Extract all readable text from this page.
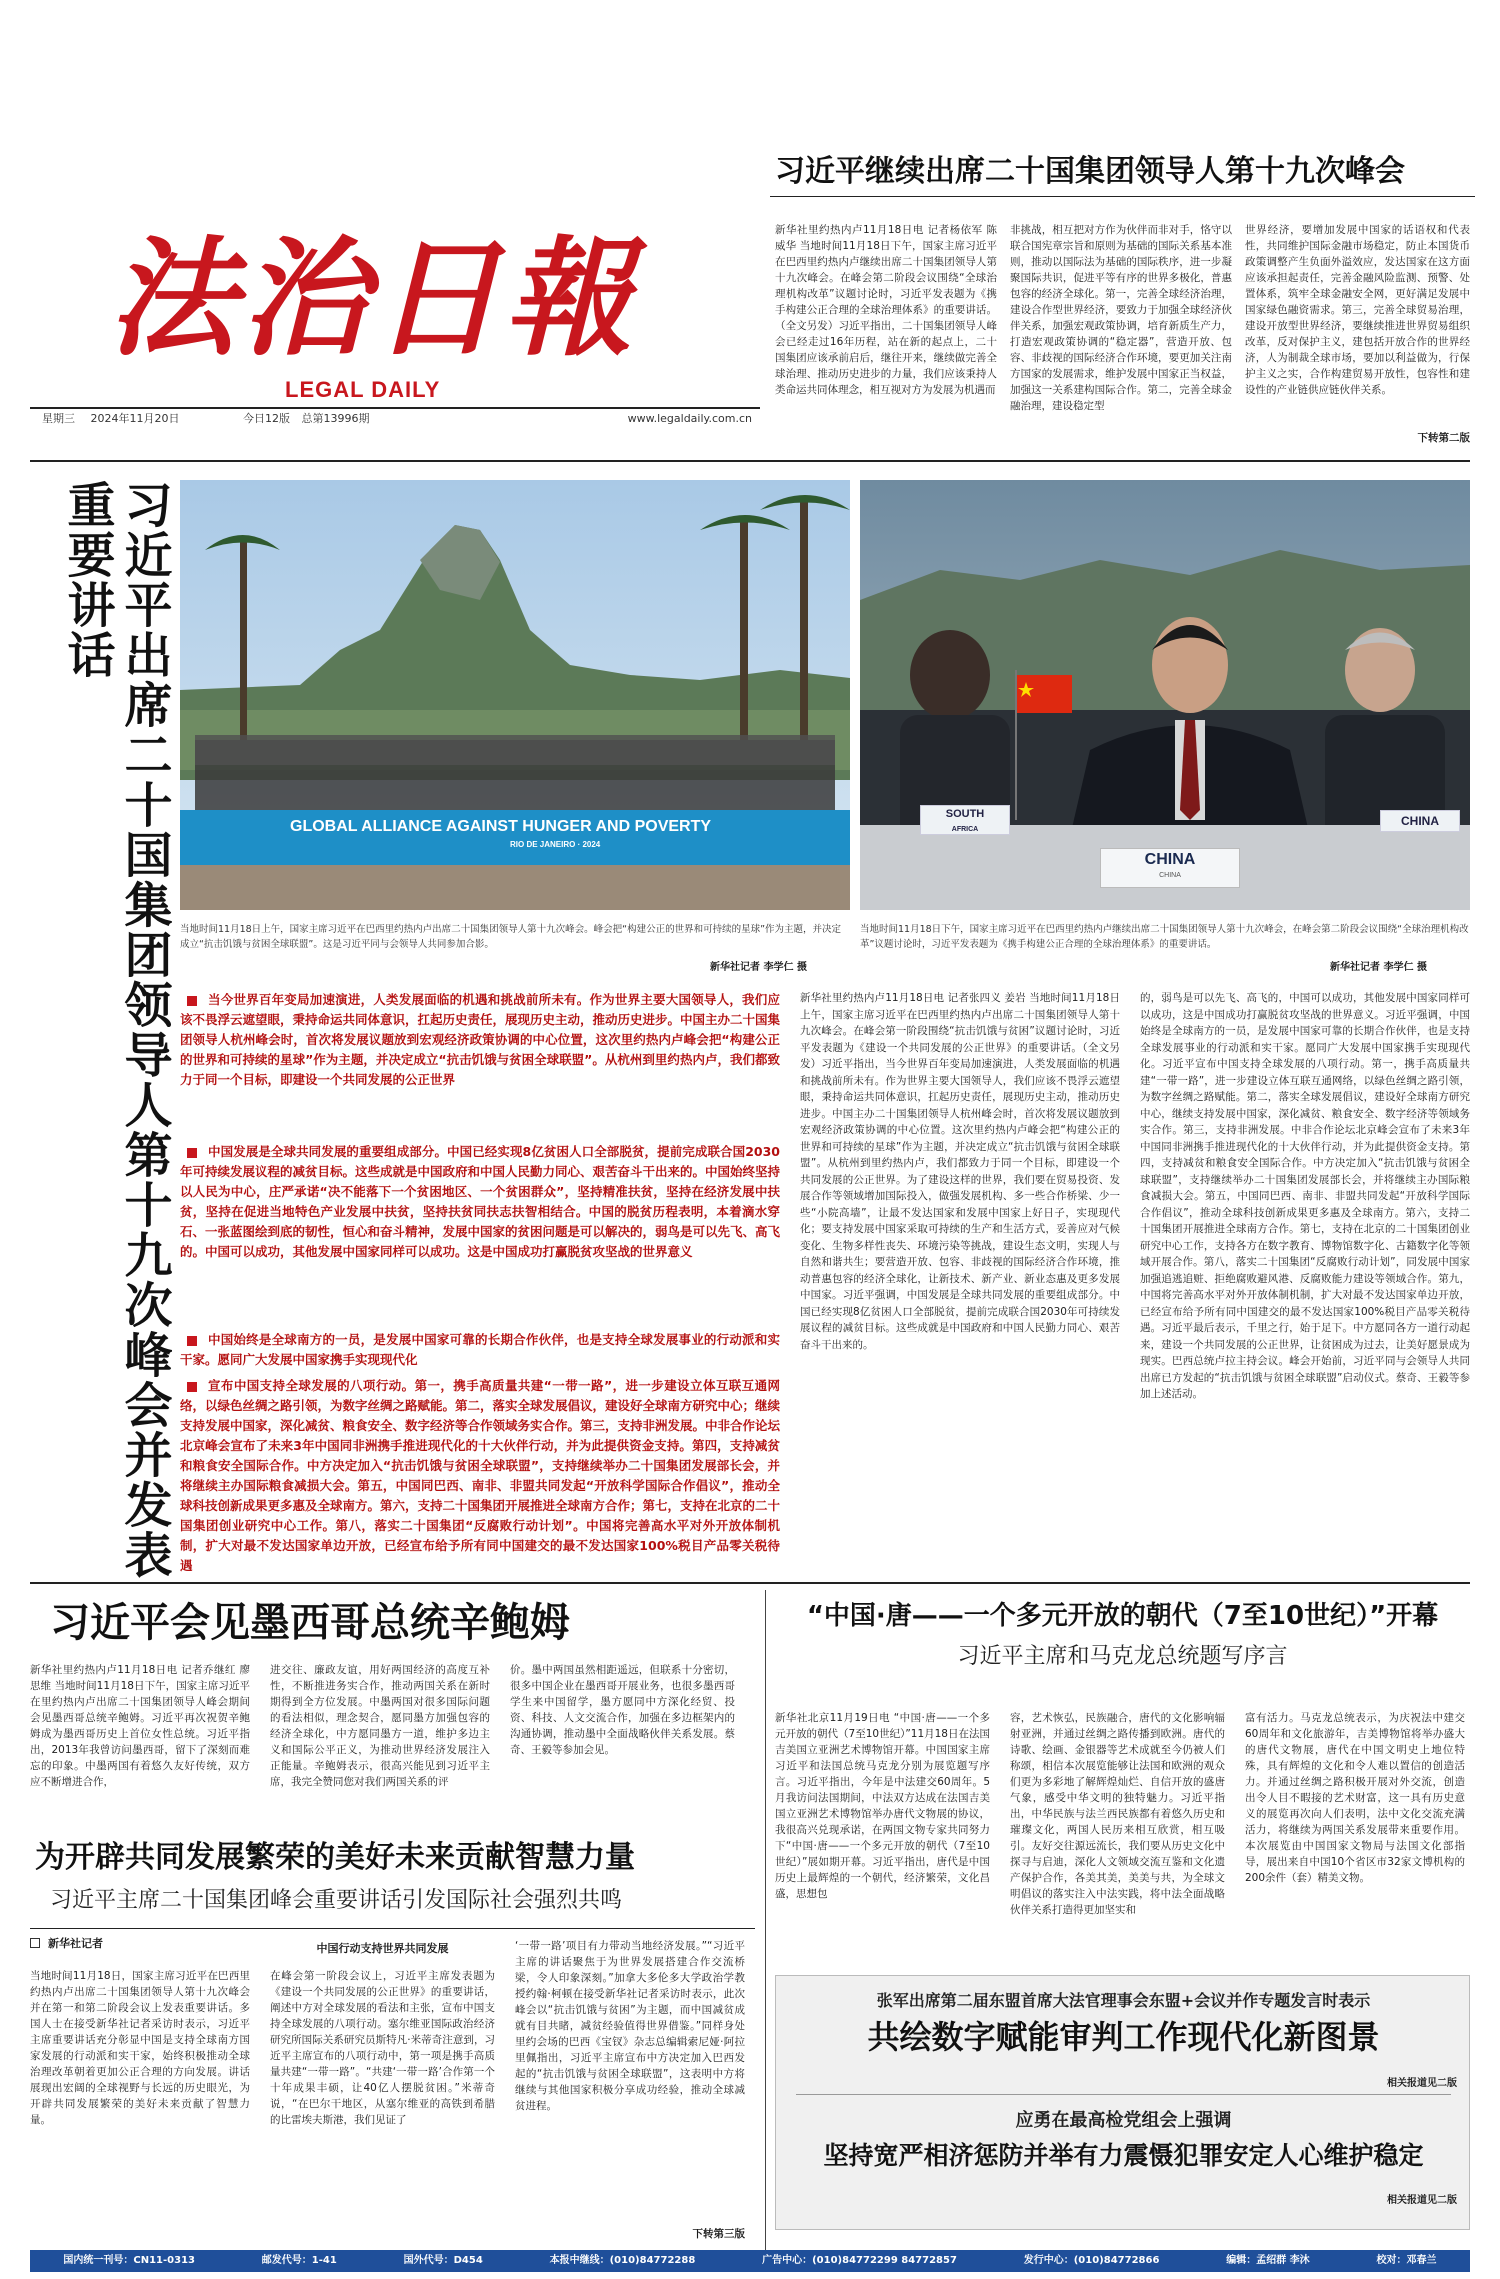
法治日報
LEGAL DAILY
星期三 2024年11月20日	今日12版 总第13996期	www.legaldaily.com.cn
习近平继续出席二十国集团领导人第十九次峰会
新华社里约热内卢11月18日电 记者杨依军 陈威华 当地时间11月18日下午，国家主席习近平在巴西里约热内卢继续出席二十国集团领导人第十九次峰会。在峰会第二阶段会议围绕“全球治理机构改革”议题讨论时，习近平发表题为《携手构建公正合理的全球治理体系》的重要讲话。（全文另发）习近平指出，二十国集团领导人峰会已经走过16年历程，站在新的起点上，二十国集团应该承前启后，继往开来，继续做完善全球治理、推动历史进步的力量，我们应该秉持人类命运共同体理念，相互视对方为发展为机遇而
非挑战，相互把对方作为伙伴而非对手，恪守以联合国宪章宗旨和原则为基础的国际关系基本准则，推动以国际法为基础的国际秩序，进一步凝聚国际共识，促进平等有序的世界多极化，普惠包容的经济全球化。第一，完善全球经济治理，建设合作型世界经济，要致力于加强全球经济伙伴关系，加强宏观政策协调，培育新质生产力，打造宏观政策协调的“稳定器”，营造开放、包容、非歧视的国际经济合作环境，要更加关注南方国家的发展需求，维护发展中国家正当权益，加强这一关系建构国际合作。第二，完善全球金融治理，建设稳定型
世界经济，要增加发展中国家的话语权和代表性，共同维护国际金融市场稳定，防止本国货币政策调整产生负面外溢效应，发达国家在这方面应该承担起责任，完善金融风险监测、预警、处置体系，筑牢全球金融安全网，更好满足发展中国家绿色融资需求。第三，完善全球贸易治理，建设开放型世界经济，要继续推进世界贸易组织改革，反对保护主义，建包括开放合作的世界经济，人为制裁全球市场，要加以利益做为，行保护主义之实，合作构建贸易开放性，包容性和建设性的产业链供应链伙伴关系。
下转第二版
习近平出席二十国集团领导人第十九次峰会并发表重要讲话
GLOBAL ALLIANCE AGAINST HUNGER AND POVERTY
RIO DE JANEIRO · 2024
当地时间11月18日上午，国家主席习近平在巴西里约热内卢出席二十国集团领导人第十九次峰会。峰会把“构建公正的世界和可持续的星球”作为主题，并决定成立“抗击饥饿与贫困全球联盟”。这是习近平同与会领导人共同参加合影。
新华社记者 李学仁 摄
SOUTH
AFRICA
CHINA
CHINA
CHINA
当地时间11月18日下午，国家主席习近平在巴西里约热内卢继续出席二十国集团领导人第十九次峰会，在峰会第二阶段会议围绕“全球治理机构改革”议题讨论时，习近平发表题为《携手构建公正合理的全球治理体系》的重要讲话。
新华社记者 李学仁 摄
当今世界百年变局加速演进，人类发展面临的机遇和挑战前所未有。作为世界主要大国领导人，我们应该不畏浮云遮望眼，秉持命运共同体意识，扛起历史责任，展现历史主动，推动历史进步。中国主办二十国集团领导人杭州峰会时，首次将发展议题放到宏观经济政策协调的中心位置，这次里约热内卢峰会把“构建公正的世界和可持续的星球”作为主题，并决定成立“抗击饥饿与贫困全球联盟”。从杭州到里约热内卢，我们都致力于同一个目标，即建设一个共同发展的公正世界
中国发展是全球共同发展的重要组成部分。中国已经实现8亿贫困人口全部脱贫，提前完成联合国2030年可持续发展议程的减贫目标。这些成就是中国政府和中国人民勤力同心、艰苦奋斗干出来的。中国始终坚持以人民为中心，庄严承诺“决不能落下一个贫困地区、一个贫困群众”，坚持精准扶贫，坚持在经济发展中扶贫，坚持在促进当地特色产业发展中扶贫，坚持扶贫同扶志扶智相结合。中国的脱贫历程表明，本着滴水穿石、一张蓝图绘到底的韧性，恒心和奋斗精神，发展中国家的贫困问题是可以解决的，弱鸟是可以先飞、高飞的。中国可以成功，其他发展中国家同样可以成功。这是中国成功打赢脱贫攻坚战的世界意义
中国始终是全球南方的一员，是发展中国家可靠的长期合作伙伴，也是支持全球发展事业的行动派和实干家。愿同广大发展中国家携手实现现代化
宣布中国支持全球发展的八项行动。第一，携手高质量共建“一带一路”，进一步建设立体互联互通网络，以绿色丝绸之路引领，为数字丝绸之路赋能。第二，落实全球发展倡议，建设好全球南方研究中心；继续支持发展中国家，深化减贫、粮食安全、数字经济等合作领域务实合作。第三，支持非洲发展。中非合作论坛北京峰会宣布了未来3年中国同非洲携手推进现代化的十大伙伴行动，并为此提供资金支持。第四，支持减贫和粮食安全国际合作。中方决定加入“抗击饥饿与贫困全球联盟”，支持继续举办二十国集团发展部长会，并将继续主办国际粮食减损大会。第五，中国同巴西、南非、非盟共同发起“开放科学国际合作倡议”，推动全球科技创新成果更多惠及全球南方。第六，支持二十国集团开展推进全球南方合作；第七，支持在北京的二十国集团创业研究中心工作。第八，落实二十国集团“反腐败行动计划”。中国将完善高水平对外开放体制机制，扩大对最不发达国家单边开放，已经宣布给予所有同中国建交的最不发达国家100%税目产品零关税待遇
新华社里约热内卢11月18日电 记者张四义 姜岩 当地时间11月18日上午，国家主席习近平在巴西里约热内卢出席二十国集团领导人第十九次峰会。在峰会第一阶段围绕“抗击饥饿与贫困”议题讨论时，习近平发表题为《建设一个共同发展的公正世界》的重要讲话。（全文另发）习近平指出，当今世界百年变局加速演进，人类发展面临的机遇和挑战前所未有。作为世界主要大国领导人，我们应该不畏浮云遮望眼，秉持命运共同体意识，扛起历史责任，展现历史主动，推动历史进步。中国主办二十国集团领导人杭州峰会时，首次将发展议题放到宏观经济政策协调的中心位置。这次里约热内卢峰会把“构建公正的世界和可持续的星球”作为主题，并决定成立“抗击饥饿与贫困全球联盟”。从杭州到里约热内卢，我们都致力于同一个目标，即建设一个共同发展的公正世界。为了建设这样的世界，我们要在贸易投资、发展合作等领域增加国际投入，做强发展机构、多一些合作桥梁、少一些“小院高墙”，让最不发达国家和发展中国家上好日子，实现现代化；要支持发展中国家采取可持续的生产和生活方式，妥善应对气候变化、生物多样性丧失、环境污染等挑战，建设生态文明，实现人与自然和谐共生；要营造开放、包容、非歧视的国际经济合作环境，推动普惠包容的经济全球化，让新技术、新产业、新业态惠及更多发展中国家。习近平强调，中国发展是全球共同发展的重要组成部分。中国已经实现8亿贫困人口全部脱贫，提前完成联合国2030年可持续发展议程的减贫目标。这些成就是中国政府和中国人民勤力同心、艰苦奋斗干出来的。
的，弱鸟是可以先飞、高飞的，中国可以成功，其他发展中国家同样可以成功，这是中国成功打赢脱贫攻坚战的世界意义。习近平强调，中国始终是全球南方的一员，是发展中国家可靠的长期合作伙伴，也是支持全球发展事业的行动派和实干家。愿同广大发展中国家携手实现现代化。习近平宣布中国支持全球发展的八项行动。第一，携手高质量共建“一带一路”，进一步建设立体互联互通网络，以绿色丝绸之路引领，为数字丝绸之路赋能。第二，落实全球发展倡议，建设好全球南方研究中心，继续支持发展中国家，深化减贫、粮食安全、数字经济等领域务实合作。第三，支持非洲发展。中非合作论坛北京峰会宣布了未来3年中国同非洲携手推进现代化的十大伙伴行动，并为此提供资金支持。第四，支持减贫和粮食安全国际合作。中方决定加入“抗击饥饿与贫困全球联盟”，支持继续举办二十国集团发展部长会，并将继续主办国际粮食减损大会。第五，中国同巴西、南非、非盟共同发起“开放科学国际合作倡议”，推动全球科技创新成果更多惠及全球南方。第六，支持二十国集团开展推进全球南方合作。第七，支持在北京的二十国集团创业研究中心工作，支持各方在数字教育、博物馆数字化、古籍数字化等领域开展合作。第八，落实二十国集团“反腐败行动计划”，同发展中国家加强追逃追赃、拒绝腐败避风港、反腐败能力建设等领域合作。第九，中国将完善高水平对外开放体制机制，扩大对最不发达国家单边开放，已经宣布给予所有同中国建交的最不发达国家100%税目产品零关税待遇。习近平最后表示，千里之行，始于足下。中方愿同各方一道行动起来，建设一个共同发展的公正世界，让贫困成为过去，让美好愿景成为现实。巴西总统卢拉主持会议。峰会开始前，习近平同与会领导人共同出席已方发起的“抗击饥饿与贫困全球联盟”启动仪式。蔡奇、王毅等参加上述活动。
习近平会见墨西哥总统辛鲍姆
新华社里约热内卢11月18日电 记者乔继红 廖思维 当地时间11月18日下午，国家主席习近平在里约热内卢出席二十国集团领导人峰会期间会见墨西哥总统辛鲍姆。习近平再次祝贺辛鲍姆成为墨西哥历史上首位女性总统。习近平指出，2013年我曾访问墨西哥，留下了深刻而难忘的印象。中墨两国有着悠久友好传统，双方应不断增进合作，
进交往、廉政友谊，用好两国经济的高度互补性，不断推进务实合作，推动两国关系在新时期得到全方位发展。中墨两国对很多国际问题的看法相似，理念契合，愿同墨方加强包容的经济全球化，中方愿同墨方一道，维护多边主义和国际公平正义，为推动世界经济发展注入正能量。辛鲍姆表示，很高兴能见到习近平主席，我完全赞同您对我们两国关系的评
价。墨中两国虽然相距遥远，但联系十分密切，很多中国企业在墨西哥开展业务，也很多墨西哥学生来中国留学，墨方愿同中方深化经贸、投资、科技、人文交流合作，加强在多边框架内的沟通协调，推动墨中全面战略伙伴关系发展。蔡奇、王毅等参加会见。
为开辟共同发展繁荣的美好未来贡献智慧力量
习近平主席二十国集团峰会重要讲话引发国际社会强烈共鸣
新华社记者
当地时间11月18日，国家主席习近平在巴西里约热内卢出席二十国集团领导人第十九次峰会并在第一和第二阶段会议上发表重要讲话。多国人士在接受新华社记者采访时表示，习近平主席重要讲话充分彰显中国是支持全球南方国家发展的行动派和实干家，始终积极推动全球治理改革朝着更加公正合理的方向发展。讲话展现出宏阔的全球视野与长远的历史眼光，为开辟共同发展繁荣的美好未来贡献了智慧力量。
中国行动支持世界共同发展
在峰会第一阶段会议上，习近平主席发表题为《建设一个共同发展的公正世界》的重要讲话，阐述中方对全球发展的看法和主张，宣布中国支持全球发展的八项行动。塞尔维亚国际政治经济研究所国际关系研究员斯特凡·米蒂奇注意到，习近平主席宣布的八项行动中，第一项是携手高质量共建“一带一路”。“共建‘一带一路’合作第一个十年成果丰硕，让40亿人摆脱贫困。”米蒂奇说，“在巴尔干地区，从塞尔维亚的高铁到希腊的比雷埃夫斯港，我们见证了
‘一带一路’项目有力带动当地经济发展。”“习近平主席的讲话聚焦于为世界发展搭建合作交流桥梁，令人印象深刻。”加拿大多伦多大学政治学教授约翰·柯顿在接受新华社记者采访时表示，此次峰会以“抗击饥饿与贫困”为主题，而中国减贫成就有目共睹，减贫经验值得世界借鉴。”同样身处里约会场的巴西《宝钗》杂志总编辑索尼娅·阿拉里佩指出，习近平主席宣布中方决定加入巴西发起的“抗击饥饿与贫困全球联盟”，这表明中方将继续与其他国家积极分享成功经验，推动全球减贫进程。
下转第三版
“中国·唐——一个多元开放的朝代（7至10世纪）”开幕
习近平主席和马克龙总统题写序言
新华社北京11月19日电 “中国·唐——一个多元开放的朝代（7至10世纪）”11月18日在法国吉美国立亚洲艺术博物馆开幕。中国国家主席习近平和法国总统马克龙分别为展览题写序言。习近平指出，今年是中法建交60周年。5月我访问法国期间，中法双方达成在法国吉美国立亚洲艺术博物馆举办唐代文物展的协议，我很高兴兑现承诺，在两国文物专家共同努力下“中国·唐——一个多元开放的朝代（7至10世纪）”展如期开幕。习近平指出，唐代是中国历史上最辉煌的一个朝代，经济繁荣，文化昌盛，思想包
容，艺术恢弘，民族融合，唐代的文化影响辐射亚洲，并通过丝绸之路传播到欧洲。唐代的诗歌、绘画、金银器等艺术成就至今仍被人们称颂，相信本次展览能够让法国和欧洲的观众们更为多彩地了解辉煌灿烂、自信开放的盛唐气象，感受中华文明的独特魅力。习近平指出，中华民族与法兰西民族都有着悠久历史和璀璨文化，两国人民历来相互欣赏，相互吸引。友好交往源远流长，我们要从历史文化中探寻与启迪，深化人文领域交流互鉴和文化遗产保护合作，各美其美，美美与共，为全球文明倡议的落实注入中法实践，将中法全面战略伙伴关系打造得更加坚实和
富有活力。马克龙总统表示，为庆祝法中建交60周年和文化旅游年，吉美博物馆将举办盛大的唐代文物展，唐代在中国文明史上地位特殊，具有辉煌的文化和令人难以置信的创造活力。并通过丝绸之路积极开展对外交流，创造出令人目不暇接的艺术财富，这一具有历史意义的展览再次向人们表明，法中文化交流充满活力，将继续为两国关系发展带来重要作用。本次展览由中国国家文物局与法国文化部指导，展出来自中国10个省区市32家文博机构的200余件（套）精美文物。
张军出席第二届东盟首席大法官理事会东盟+会议并作专题发言时表示
共绘数字赋能审判工作现代化新图景
相关报道见二版
应勇在最高检党组会上强调
坚持宽严相济惩防并举有力震慑犯罪安定人心维护稳定
相关报道见二版
国内统一刊号：CN11-0313	邮发代号：1-41	国外代号：D454	本报中继线：(010)84772288	广告中心：(010)84772299 84772857	发行中心：(010)84772866	编辑：孟绍群 李沐	校对：邓春兰
